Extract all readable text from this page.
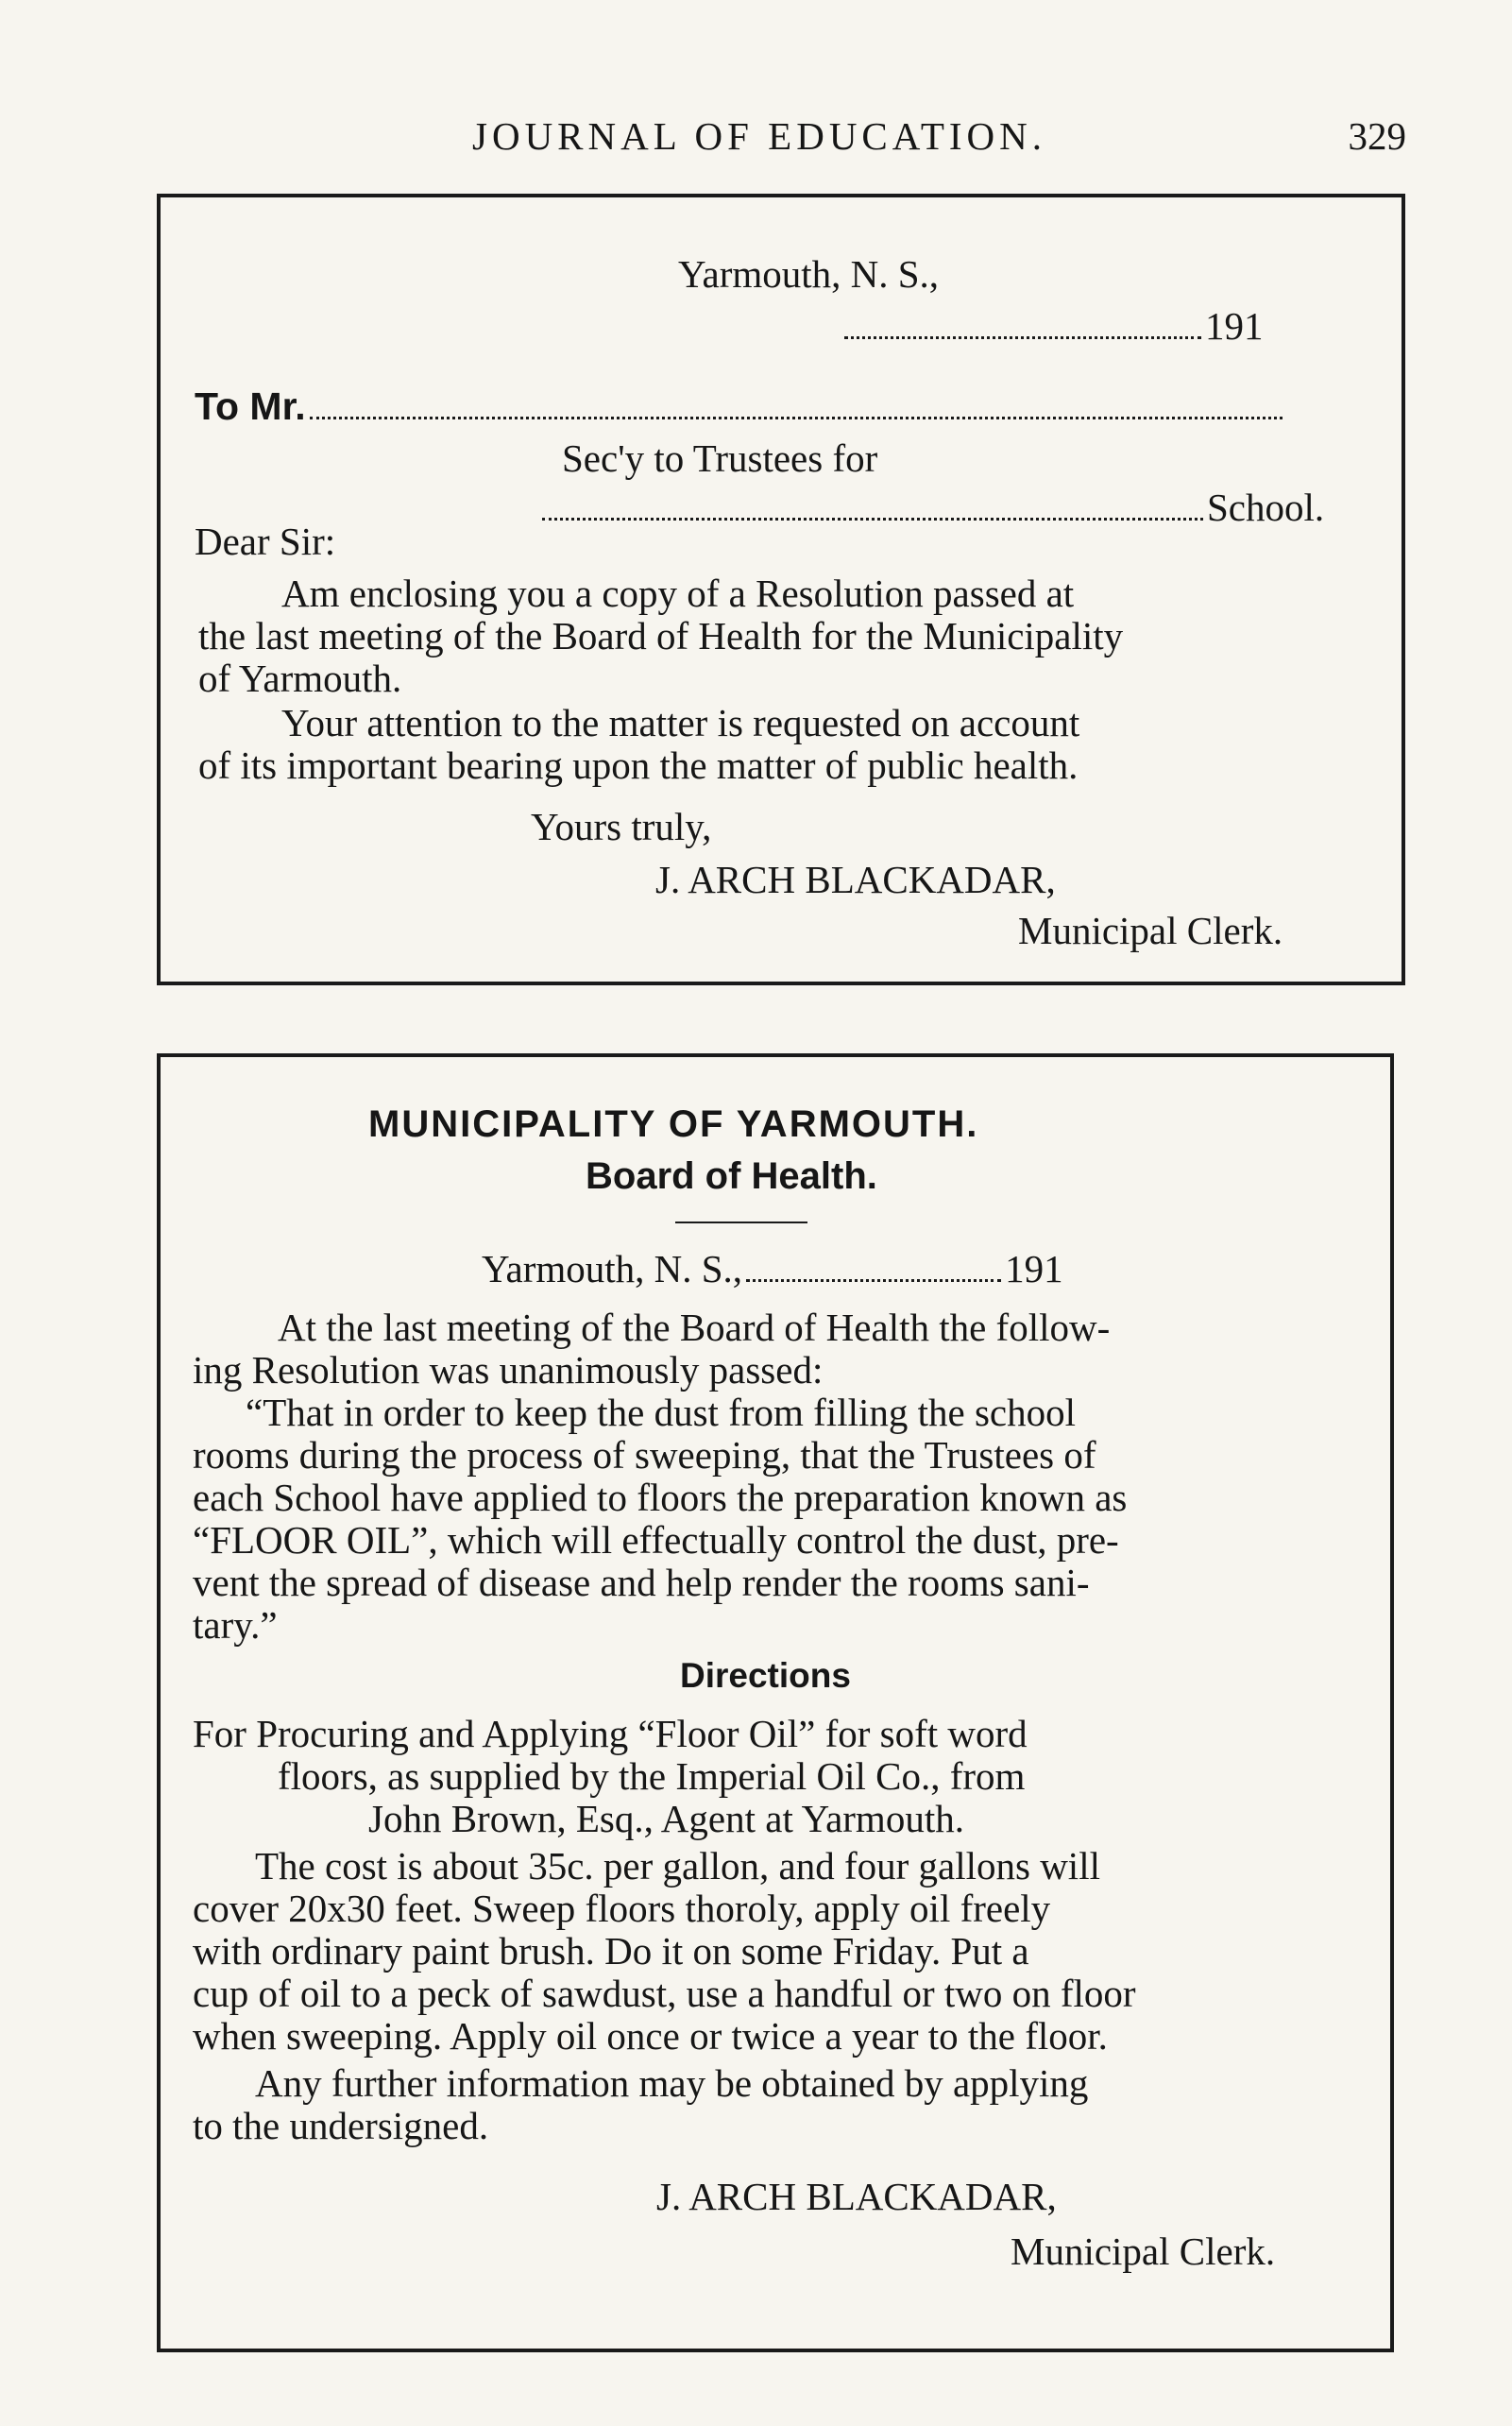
JOURNAL OF EDUCATION.	329
Yarmouth, N. S.,
191
To Mr.
Sec'y to Trustees for
School.
Dear Sir:
Am enclosing you a copy of a Resolution passed at
the last meeting of the Board of Health for the Municipality
of Yarmouth.
Your attention to the matter is requested on account
of its important bearing upon the matter of public health.
Yours truly,
J. ARCH BLACKADAR,
Municipal Clerk.
MUNICIPALITY OF YARMOUTH.
Board of Health.
Yarmouth, N. S.,	191
At the last meeting of the Board of Health the follow-
ing Resolution was unanimously passed:
“That in order to keep the dust from filling the school
rooms during the process of sweeping, that the Trustees of
each School have applied to floors the preparation known as
“FLOOR OIL”, which will effectually control the dust, pre-
vent the spread of disease and help render the rooms sani-
tary.”
Directions
For Procuring and Applying “Floor Oil” for soft word
floors, as supplied by the Imperial Oil Co., from
John Brown, Esq., Agent at Yarmouth.
The cost is about 35c. per gallon, and four gallons will
cover 20x30 feet. Sweep floors thoroly, apply oil freely
with ordinary paint brush. Do it on some Friday. Put a
cup of oil to a peck of sawdust, use a handful or two on floor
when sweeping. Apply oil once or twice a year to the floor.
Any further information may be obtained by applying
to the undersigned.
J. ARCH BLACKADAR,
Municipal Clerk.
